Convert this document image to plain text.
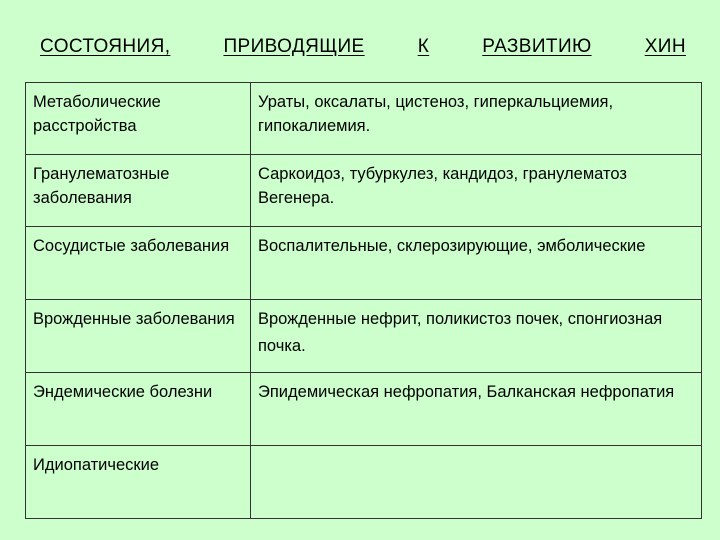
СОСТОЯНИЯ,	ПРИВОДЯЩИЕ	К	РАЗВИТИЮ	ХИН
Метаболические расстройства	Ураты, оксалаты, цистеноз, гиперкальциемия, гипокалиемия.
Гранулематозные заболевания	Саркоидоз, тубуркулез, кандидоз, гранулематоз Вегенера.
Сосудистые заболевания	Воспалительные, склерозирующие, эмболические
Врожденные заболевания	Врожденные нефрит, поликистоз почек, спонгиозная почка.
Эндемические болезни	Эпидемическая нефропатия, Балканская нефропатия
Идиопатические	
